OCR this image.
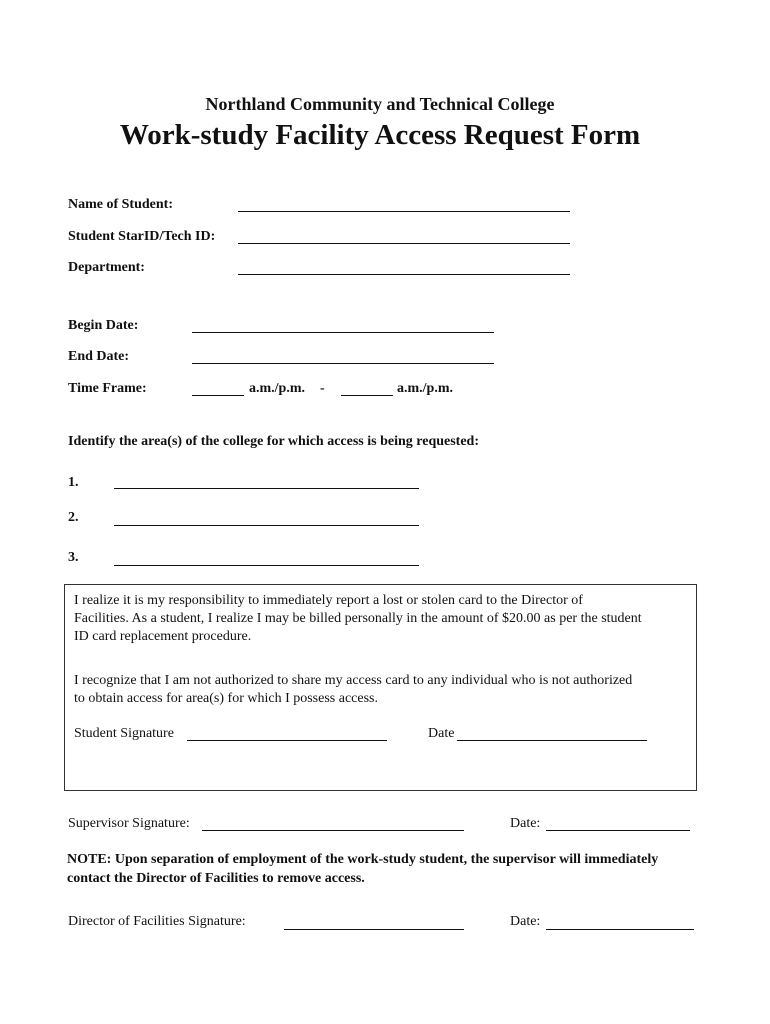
Northland Community and Technical College
Work-study Facility Access Request Form
Name of Student:
Student StarID/Tech ID:
Department:
Begin Date:
End Date:
Time Frame:	a.m./p.m. -	a.m./p.m.
Identify the area(s) of the college for which access is being requested:
1.
2.
3.
I realize it is my responsibility to immediately report a lost or stolen card to the Director of
Facilities. As a student, I realize I may be billed personally in the amount of $20.00 as per the student
ID card replacement procedure.
I recognize that I am not authorized to share my access card to any individual who is not authorized
to obtain access for area(s) for which I possess access.
Student Signature	Date
Supervisor Signature:	Date:
NOTE: Upon separation of employment of the work-study student, the supervisor will immediately
contact the Director of Facilities to remove access.
Director of Facilities Signature:	Date:
